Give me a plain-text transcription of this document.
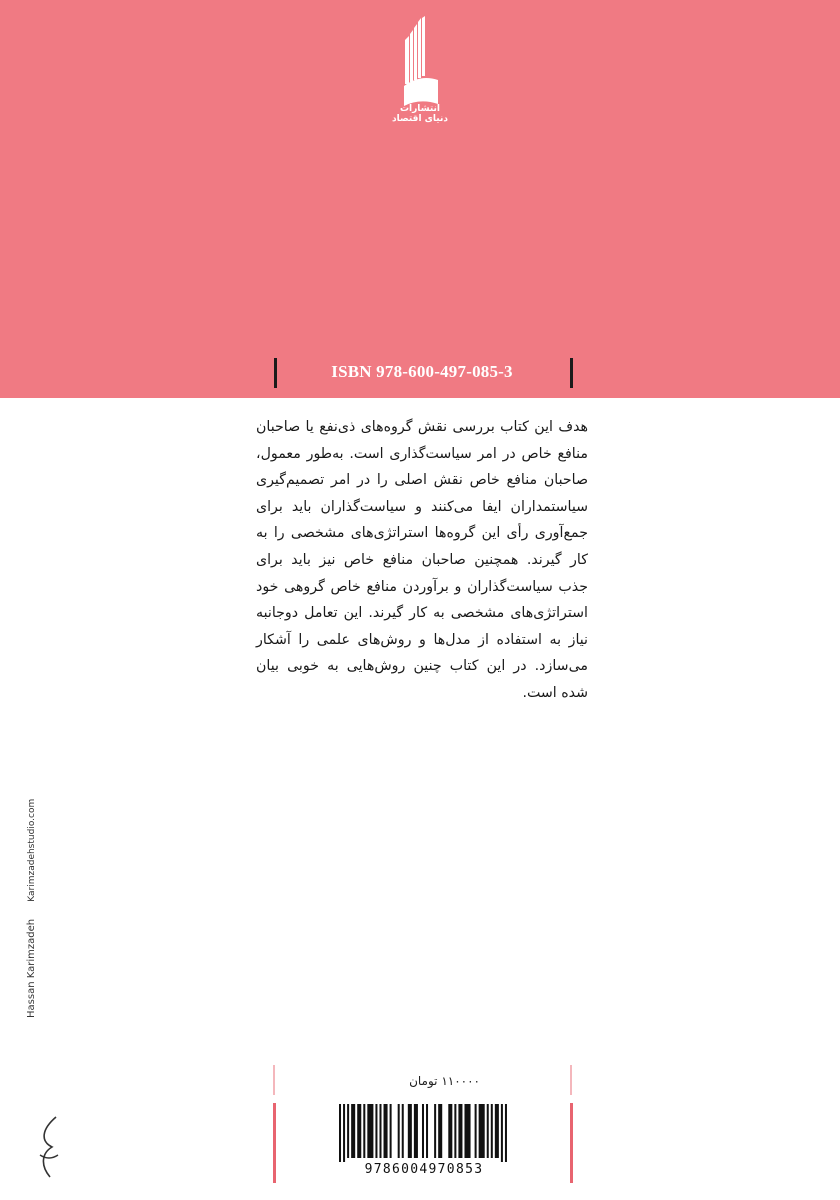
انتشارات
دنیای اقتصاد
ISBN 978-600-497-085-3

هدف این کتاب بررسی نقش گروه‌های ذی‌نفع یا صاحبان منافع خاص در امر سیاست‌گذاری است. به‌طور معمول، صاحبان منافع خاص نقش اصلی را در امر تصمیم‌گیری سیاستمداران ایفا می‌کنند و سیاست‌گذاران باید برای جمع‌آوری رأی این گروه‌ها استراتژی‌های مشخصی را به کار گیرند. همچنین صاحبان منافع خاص نیز باید برای جذب سیاست‌گذاران و برآوردن منافع خاص گروهی خود استراتژی‌های مشخصی به کار گیرند. این تعامل دوجانبه نیاز به استفاده از مدل‌ها و روش‌های علمی را آشکار می‌سازد. در این کتاب چنین روش‌هایی به خوبی بیان شده است.

Hassan Karimzadeh Karimzadehstudio.com
۱۱۰۰۰۰ تومان
9786004970853
